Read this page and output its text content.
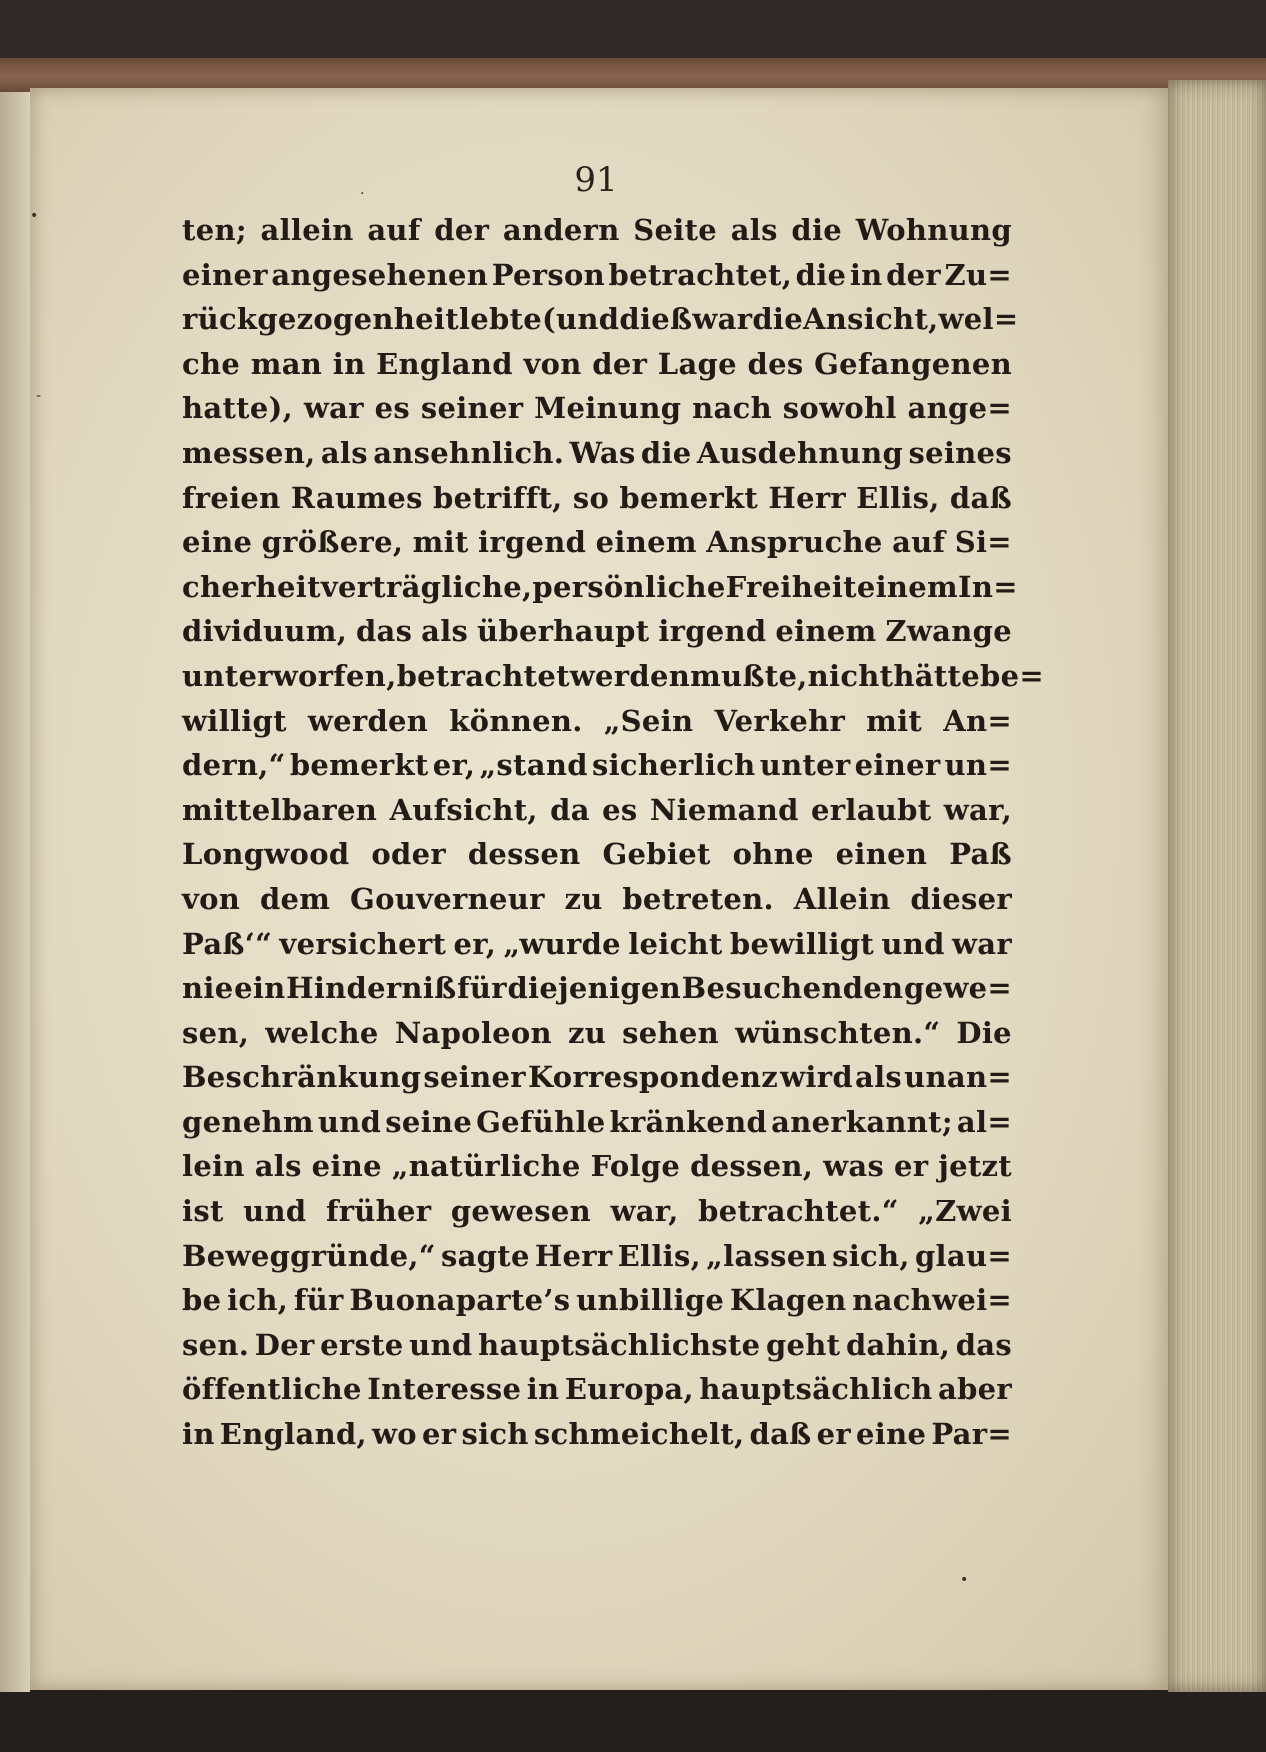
•
‐
·
•
91
ten; allein auf der andern Seite als die Wohnung
einer angesehenen Person betrachtet, die in der Zu=
rückgezogenheit lebte (und dieß war die Ansicht, wel=
che man in England von der Lage des Gefangenen
hatte), war es seiner Meinung nach sowohl ange=
messen, als ansehnlich. Was die Ausdehnung seines
freien Raumes betrifft, so bemerkt Herr Ellis, daß
eine größere, mit irgend einem Anspruche auf Si=
cherheit verträgliche, persönliche Freiheit einem In=
dividuum, das als überhaupt irgend einem Zwange
unterworfen, betrachtet werden mußte, nicht hätte be=
willigt werden können. „Sein Verkehr mit An=
dern,“ bemerkt er, „stand sicherlich unter einer un=
mittelbaren Aufsicht, da es Niemand erlaubt war,
Longwood oder dessen Gebiet ohne einen Paß
von dem Gouverneur zu betreten. Allein dieser
Paß‘“ versichert er, „wurde leicht bewilligt und war
nie ein Hinderniß für diejenigen Besuchenden gewe=
sen, welche Napoleon zu sehen wünschten.“ Die
Beschränkung seiner Korrespondenz wird als unan=
genehm und seine Gefühle kränkend anerkannt; al=
lein als eine „natürliche Folge dessen, was er jetzt
ist und früher gewesen war, betrachtet.“ „Zwei
Beweggründe,“ sagte Herr Ellis, „lassen sich, glau=
be ich, für Buonaparte’s unbillige Klagen nachwei=
sen. Der erste und hauptsächlichste geht dahin, das
öffentliche Interesse in Europa, hauptsächlich aber
in England, wo er sich schmeichelt, daß er eine Par=
